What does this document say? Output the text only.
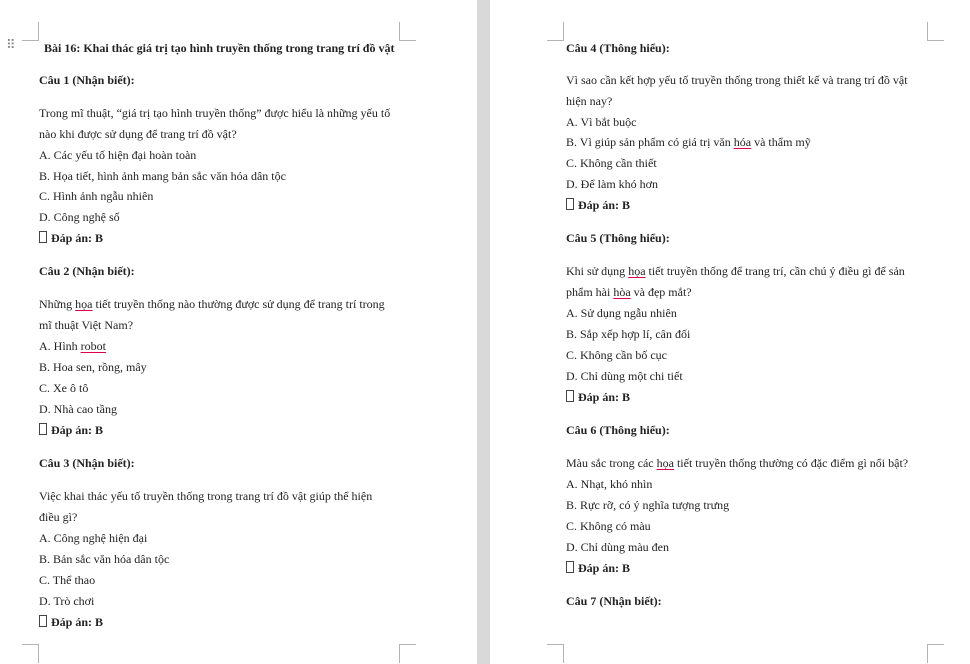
⠿ Bài 16: Khai thác giá trị tạo hình truyền thống trong trang trí đồ vật
Câu 1 (Nhận biết):
Trong mĩ thuật, “giá trị tạo hình truyền thống” được hiểu là những yếu tố
nào khi được sử dụng để trang trí đồ vật?
A. Các yếu tố hiện đại hoàn toàn
B. Họa tiết, hình ảnh mang bản sắc văn hóa dân tộc
C. Hình ảnh ngẫu nhiên
D. Công nghệ số
Đáp án: B
Câu 2 (Nhận biết):
Những họa tiết truyền thống nào thường được sử dụng để trang trí trong
mĩ thuật Việt Nam?
A. Hình robot
B. Hoa sen, rồng, mây
C. Xe ô tô
D. Nhà cao tầng
Đáp án: B
Câu 3 (Nhận biết):
Việc khai thác yếu tố truyền thống trong trang trí đồ vật giúp thể hiện
điều gì?
A. Công nghệ hiện đại
B. Bản sắc văn hóa dân tộc
C. Thể thao
D. Trò chơi
Đáp án: B
Câu 4 (Thông hiểu):
Vì sao cần kết hợp yếu tố truyền thống trong thiết kế và trang trí đồ vật
hiện nay?
A. Vì bắt buộc
B. Vì giúp sản phẩm có giá trị văn hóa và thẩm mỹ
C. Không cần thiết
D. Để làm khó hơn
Đáp án: B
Câu 5 (Thông hiểu):
Khi sử dụng họa tiết truyền thống để trang trí, cần chú ý điều gì để sản
phẩm hài hòa và đẹp mắt?
A. Sử dụng ngẫu nhiên
B. Sắp xếp hợp lí, cân đối
C. Không cần bố cục
D. Chỉ dùng một chi tiết
Đáp án: B
Câu 6 (Thông hiểu):
Màu sắc trong các họa tiết truyền thống thường có đặc điểm gì nổi bật?
A. Nhạt, khó nhìn
B. Rực rỡ, có ý nghĩa tượng trưng
C. Không có màu
D. Chỉ dùng màu đen
Đáp án: B
Câu 7 (Nhận biết):
